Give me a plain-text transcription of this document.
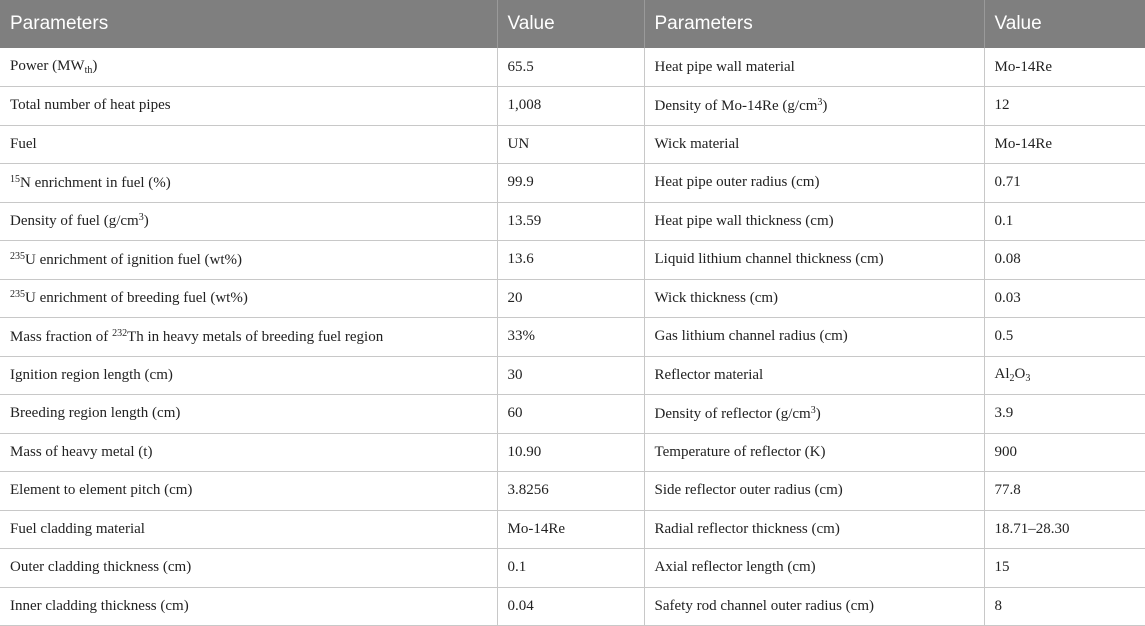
Parameters	Value	Parameters	Value
Power $(MW_{th})$	65.5	Heat pipe wall material	Mo-14Re
Total number of heat pipes	1,008	Density of Mo-14Re $(g/cm^3)$	12
Fuel	UN	Wick material	Mo-14Re
$^{15}$N enrichment in fuel (%)	99.9	Heat pipe outer radius (cm)	0.71
Density of fuel $(g/cm^3)$	13.59	Heat pipe wall thickness (cm)	0.1
$^{235}$U enrichment of ignition fuel (wt%)	13.6	Liquid lithium channel thickness (cm)	0.08
$^{235}$U enrichment of breeding fuel (wt%)	20	Wick thickness (cm)	0.03
Mass fraction of $^{232}$Th in heavy metals of breeding fuel region	33%	Gas lithium channel radius (cm)	0.5
Ignition region length (cm)	30	Reflector material	$Al_2O_3$
Breeding region length (cm)	60	Density of reflector $(g/cm^3)$	3.9
Mass of heavy metal (t)	10.90	Temperature of reflector (K)	900
Element to element pitch (cm)	3.8256	Side reflector outer radius (cm)	77.8
Fuel cladding material	Mo-14Re	Radial reflector thickness (cm)	18.71–28.30
Outer cladding thickness (cm)	0.1	Axial reflector length (cm)	15
Inner cladding thickness (cm)	0.04	Safety rod channel outer radius (cm)	8
